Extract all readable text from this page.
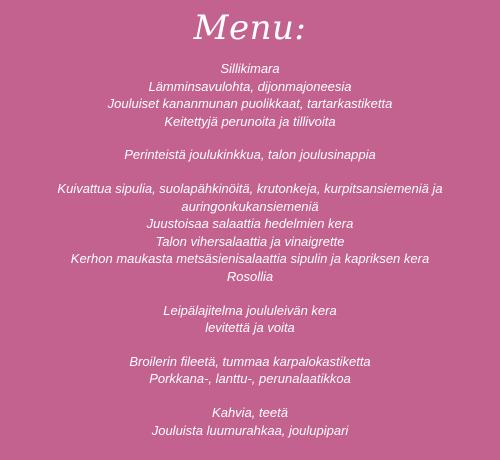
Menu:
Sillikimara
Lämminsavulohta, dijonmajoneesia
Jouluiset kananmunan puolikkaat, tartarkastiketta
Keitettyjä perunoita ja tillivoita
Perinteistä joulukinkkua, talon joulusinappia
Kuivattua sipulia, suolapähkinöitä, krutonkeja, kurpitsansiemeniä ja
auringonkukansiemeniä
Juustoisaa salaattia hedelmien kera
Talon vihersalaattia ja vinaigrette
Kerhon maukasta metsäsienisalaattia sipulin ja kapriksen kera
Rosollia
Leipälajitelma joululeivän kera
levitettä ja voita
Broilerin fileetä, tummaa karpalokastiketta
Porkkana-, lanttu-, perunalaatikkoa
Kahvia, teetä
Jouluista luumurahkaa, joulupipari
